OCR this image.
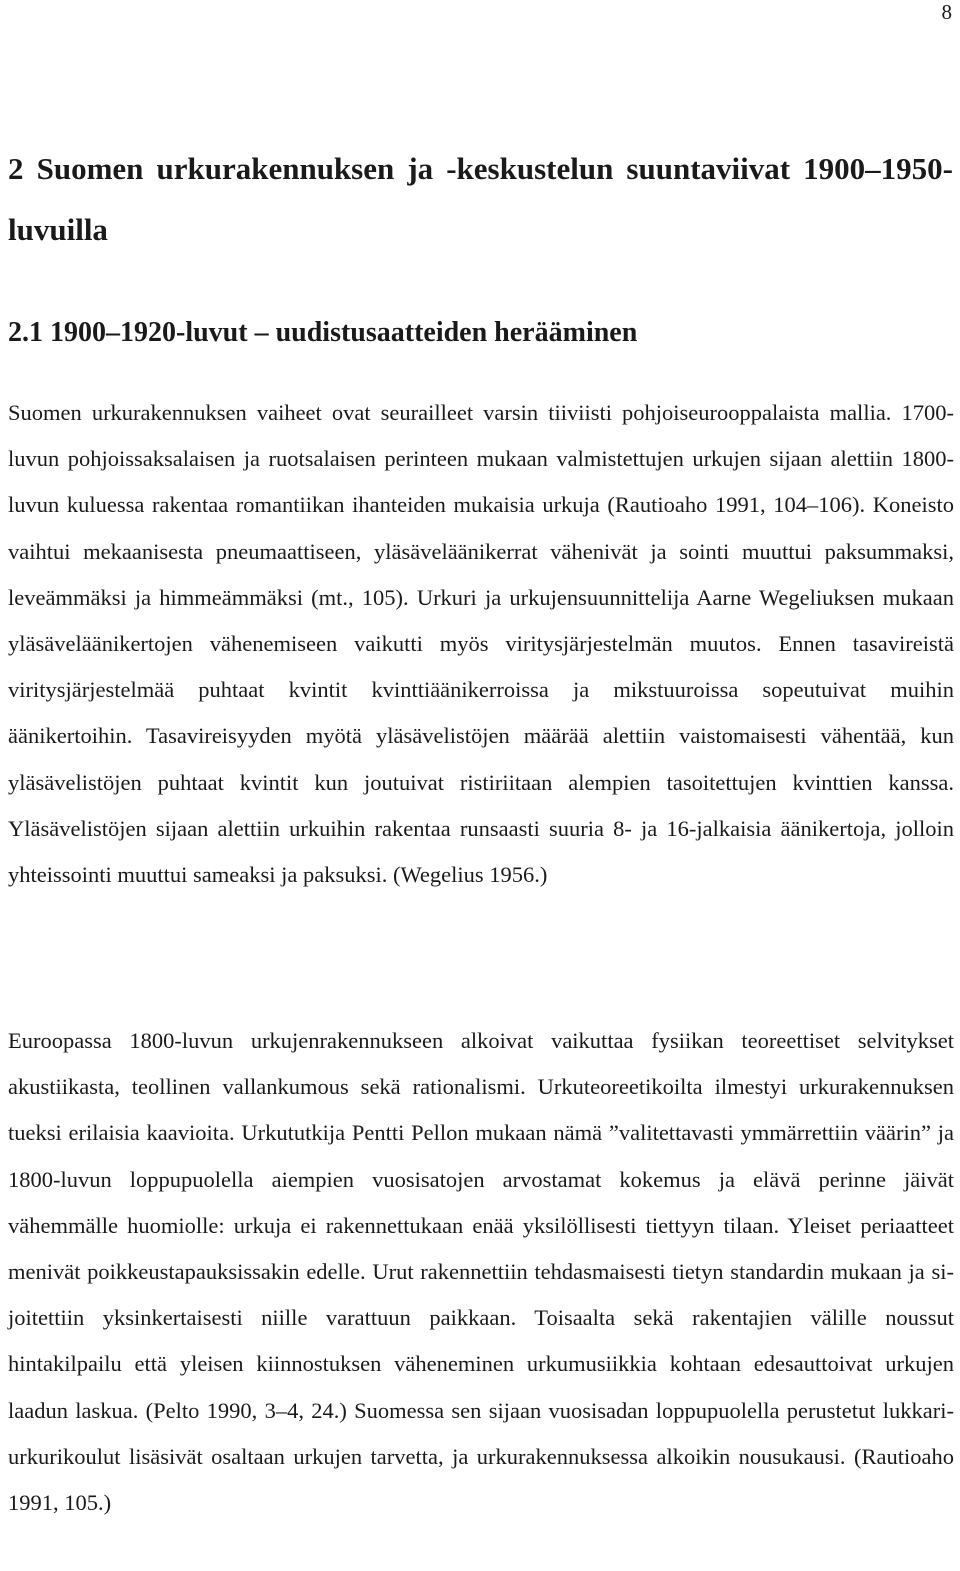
8
2 Suomen urkurakennuksen ja -keskustelun suuntaviivat 1900–1950-luvuilla
2.1 1900–1920-luvut – uudistusaatteiden herääminen

Suomen urkurakennuksen vaiheet ovat seurailleet varsin tiiviisti pohjoiseurooppalaista mallia. 1700-luvun pohjoissaksalaisen ja ruotsalaisen perinteen mukaan valmistettujen urkujen sijaan alettiin 1800-luvun kuluessa rakentaa romantiikan ihanteiden mukaisia urkuja (Rautioaho 1991, 104–106). Koneisto vaihtui mekaanisesta pneumaattiseen, yläsäveläänikerrat vähenivät ja sointi muuttui paksummaksi, leveämmäksi ja himmeämmäksi (mt., 105). Urkuri ja urkujensuunnittelija Aarne Wegeliuksen mukaan yläsäveläänikertojen vähenemiseen vaikutti myös viritysjärjestelmän muutos. Ennen tasavireistä viritysjärjestelmää puhtaat kvintit kvinttiäänikerroissa ja mikstuuroissa sopeutuivat muihin äänikertoihin. Tasavireisyyden myötä yläsävelistöjen määrää alettiin vaistomaisesti vähentää, kun yläsävelistöjen puhtaat kvintit kun joutuivat ristiriitaan alempien tasoitettujen kvinttien kanssa. Yläsävelistöjen sijaan alettiin urkuihin rakentaa runsaasti suuria 8- ja 16-jalkaisia äänikertoja, jolloin yhteissointi muuttui sameaksi ja paksuksi. (Wegelius 1956.)

Euroopassa 1800-luvun urkujenrakennukseen alkoivat vaikuttaa fysiikan teoreettiset selvitykset akustiikasta, teollinen vallankumous sekä rationalismi. Urkuteoreetikoilta ilmestyi urkurakennuksen tueksi erilaisia kaavioita. Urkututkija Pentti Pellon mukaan nämä ”valitettavasti ymmärrettiin väärin” ja 1800-luvun loppupuolella aiempien vuosisatojen arvostamat kokemus ja elävä perinne jäivät vähemmälle huomiolle: urkuja ei rakennettukaan enää yksilöllisesti tiettyyn tilaan. Yleiset periaatteet menivät poikkeustapauksissakin edelle. Urut rakennettiin tehdasmaisesti tietyn standardin mukaan ja sijoitettiin yksinkertaisesti niille varattuun paikkaan. Toisaalta sekä rakentajien välille noussut hintakilpailu että yleisen kiinnostuksen väheneminen urkumusiikkia kohtaan edesauttoivat urkujen laadun laskua. (Pelto 1990, 3–4, 24.) Suomessa sen sijaan vuosisadan loppupuolella perustetut lukkari-urkurikoulut lisäsivät osaltaan urkujen tarvetta, ja urkurakennuksessa alkoikin nousukausi. (Rautioaho 1991, 105.)
